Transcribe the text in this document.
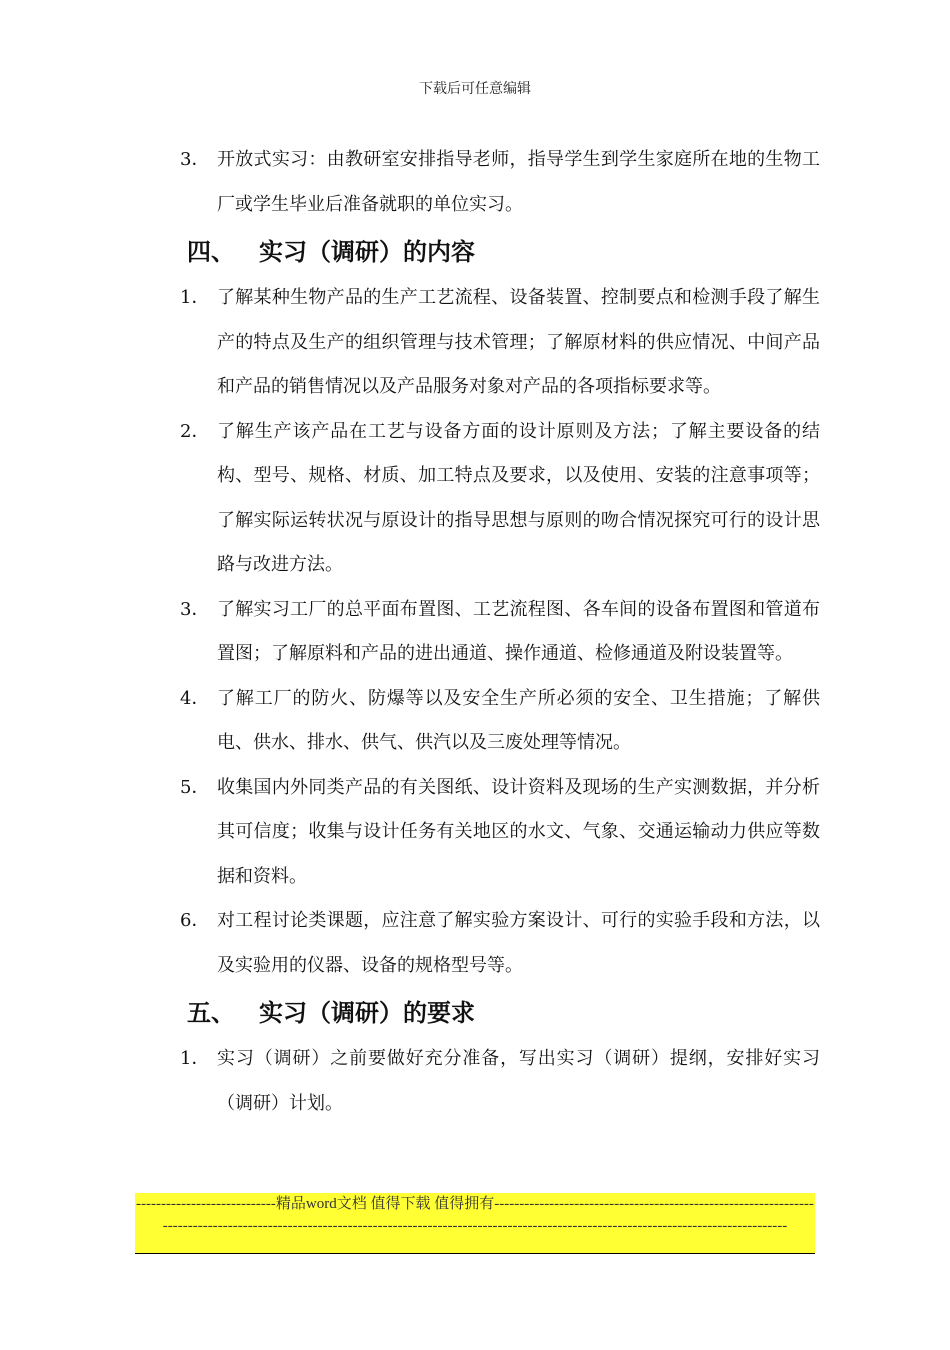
下载后可任意编辑
3． 开放式实习：由教研室安排指导老师，指导学生到学生家庭所在地的生物工厂或学生毕业后准备就职的单位实习。
四、	实习（调研）的内容
1． 了解某种生物产品的生产工艺流程、设备装置、控制要点和检测手段了解生产的特点及生产的组织管理与技术管理；了解原材料的供应情况、中间产品和产品的销售情况以及产品服务对象对产品的各项指标要求等。
2． 了解生产该产品在工艺与设备方面的设计原则及方法；了解主要设备的结构、型号、规格、材质、加工特点及要求，以及使用、安装的注意事项等；了解实际运转状况与原设计的指导思想与原则的吻合情况探究可行的设计思路与改进方法。
3． 了解实习工厂的总平面布置图、工艺流程图、各车间的设备布置图和管道布置图；了解原料和产品的进出通道、操作通道、检修通道及附设装置等。
4． 了解工厂的防火、防爆等以及安全生产所必须的安全、卫生措施；了解供电、供水、排水、供气、供汽以及三废处理等情况。
5． 收集国内外同类产品的有关图纸、设计资料及现场的生产实测数据，并分析其可信度；收集与设计任务有关地区的水文、气象、交通运输动力供应等数据和资料。
6． 对工程讨论类课题，应注意了解实验方案设计、可行的实验手段和方法，以及实验用的仪器、设备的规格型号等。
五、	实习（调研）的要求
1． 实习（调研）之前要做好充分准备，写出实习（调研）提纲，安排好实习（调研）计划。
----------------------------精品word文档 值得下载 值得拥有---------------------------------------------------------------------------------------------------------------------------------------------------------------------------------------------
